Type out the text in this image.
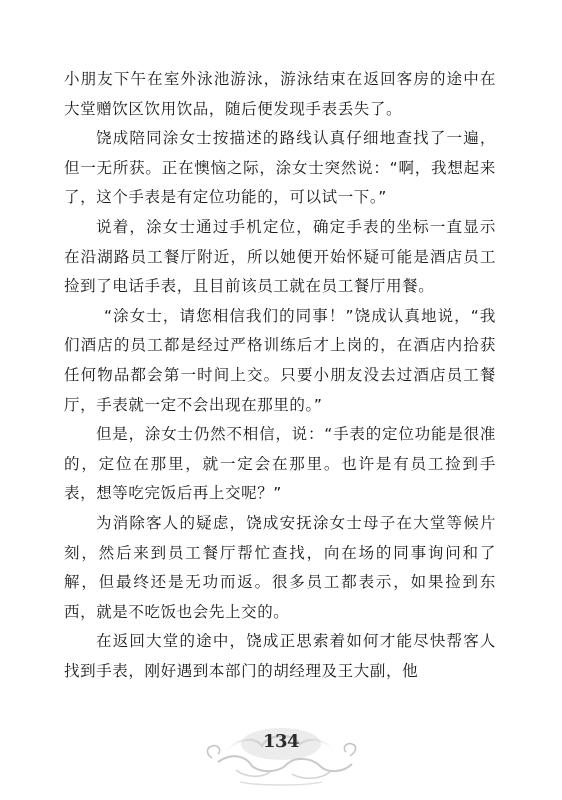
小朋友下午在室外泳池游泳，游泳结束在返回客房的途中在大堂赠饮区饮用饮品，随后便发现手表丢失了。

饶成陪同涂女士按描述的路线认真仔细地查找了一遍，但一无所获。正在懊恼之际，涂女士突然说：“啊，我想起来了，这个手表是有定位功能的，可以试一下。”

说着，涂女士通过手机定位，确定手表的坐标一直显示在沿湖路员工餐厅附近，所以她便开始怀疑可能是酒店员工捡到了电话手表，且目前该员工就在员工餐厅用餐。

“涂女士，请您相信我们的同事！”饶成认真地说，“我们酒店的员工都是经过严格训练后才上岗的，在酒店内拾获任何物品都会第一时间上交。只要小朋友没去过酒店员工餐厅，手表就一定不会出现在那里的。”

但是，涂女士仍然不相信，说：“手表的定位功能是很准的，定位在那里，就一定会在那里。也许是有员工捡到手表，想等吃完饭后再上交呢？”

为消除客人的疑虑，饶成安抚涂女士母子在大堂等候片刻，然后来到员工餐厅帮忙查找，向在场的同事询问和了解，但最终还是无功而返。很多员工都表示，如果捡到东西，就是不吃饭也会先上交的。

在返回大堂的途中，饶成正思索着如何才能尽快帮客人找到手表，刚好遇到本部门的胡经理及王大副，他

134
